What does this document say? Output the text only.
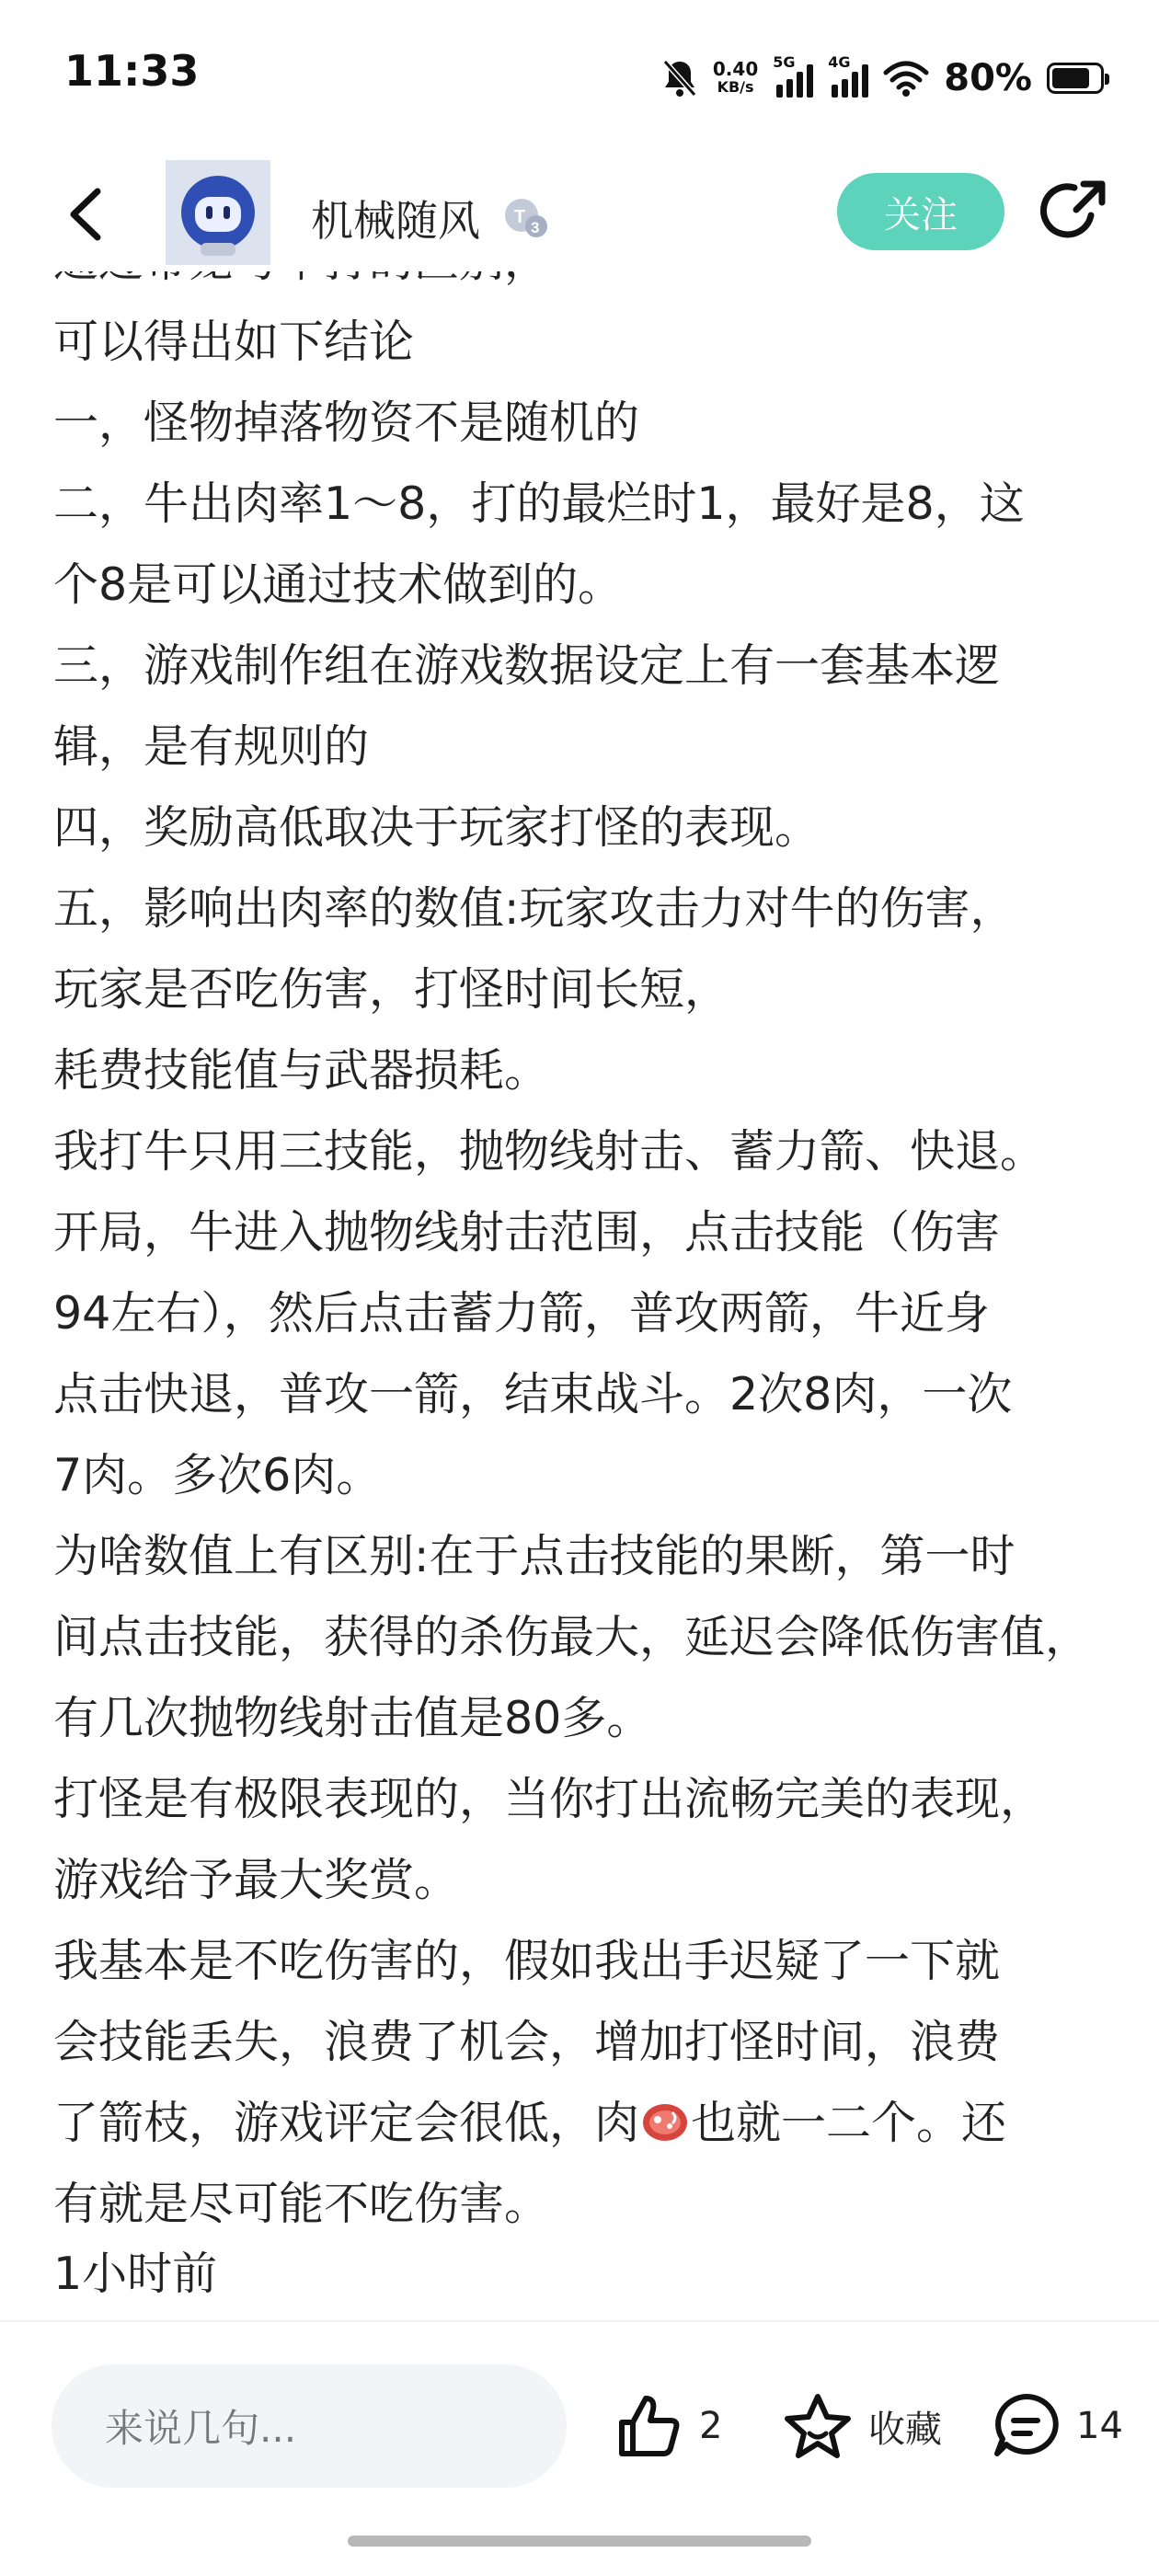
11:33	0.40
KB/s
5G 4G	80%
机械随风 T
3	关注

可以得出如下结论

一，怪物掉落物资不是随机的

二，牛出肉率1～8，打的最烂时1，最好是8，这

个8是可以通过技术做到的。

三，游戏制作组在游戏数据设定上有一套基本逻

辑，是有规则的

四，奖励高低取决于玩家打怪的表现。

五，影响出肉率的数值:玩家攻击力对牛的伤害，

玩家是否吃伤害，打怪时间长短，

耗费技能值与武器损耗。

我打牛只用三技能，抛物线射击、蓄力箭、快退。

开局，牛进入抛物线射击范围，点击技能（伤害

94左右），然后点击蓄力箭，普攻两箭，牛近身

点击快退，普攻一箭，结束战斗。2次8肉，一次

7肉。多次6肉。

为啥数值上有区别:在于点击技能的果断，第一时

间点击技能，获得的杀伤最大，延迟会降低伤害值，

有几次抛物线射击值是80多。

打怪是有极限表现的，当你打出流畅完美的表现，

游戏给予最大奖赏。

我基本是不吃伤害的，假如我出手迟疑了一下就

会技能丢失，浪费了机会，增加打怪时间，浪费

了箭枝，游戏评定会很低，肉 也就一二个。还

有就是尽可能不吃伤害。

1小时前

来说几句...	2	收藏	14
